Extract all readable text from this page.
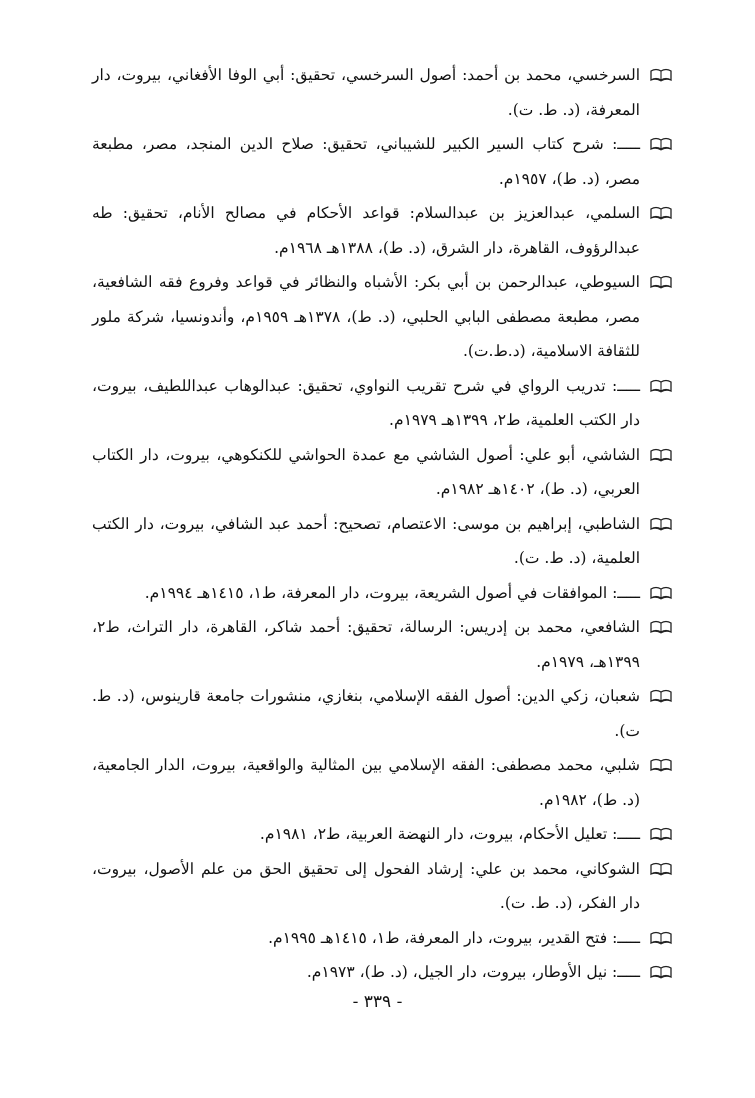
السرخسي، محمد بن أحمد: أصول السرخسي، تحقيق: أبي الوفا الأفغاني، بيروت، دار المعرفة، (د. ط. ت).

ـــــ: شرح كتاب السير الكبير للشيباني، تحقيق: صلاح الدين المنجد، مصر، مطبعة مصر، (د. ط)، ١٩٥٧م.

السلمي، عبدالعزيز بن عبدالسلام: قواعد الأحكام في مصالح الأنام، تحقيق: طه عبدالرؤوف، القاهرة، دار الشرق، (د. ط)، ١٣٨٨هـ ١٩٦٨م.

السيوطي، عبدالرحمن بن أبي بكر: الأشباه والنظائر في قواعد وفروع فقه الشافعية، مصر، مطبعة مصطفى البابي الحلبي، (د. ط)، ١٣٧٨هـ ١٩٥٩م، وأندونسيا، شركة ملور للثقافة الاسلامية، (د.ط.ت).

ـــــ: تدريب الرواي في شرح تقريب النواوي، تحقيق: عبدالوهاب عبداللطيف، بيروت، دار الكتب العلمية، ط٢، ١٣٩٩هـ ١٩٧٩م.

الشاشي، أبو علي: أصول الشاشي مع عمدة الحواشي للكنكوهي، بيروت، دار الكتاب العربي، (د. ط)، ١٤٠٢هـ ١٩٨٢م.

الشاطبي، إبراهيم بن موسى: الاعتصام، تصحيح: أحمد عبد الشافي، بيروت، دار الكتب العلمية، (د. ط. ت).

ـــــ: الموافقات في أصول الشريعة، بيروت، دار المعرفة، ط١، ١٤١٥هـ ١٩٩٤م.

الشافعي، محمد بن إدريس: الرسالة، تحقيق: أحمد شاكر، القاهرة، دار التراث، ط٢، ١٣٩٩هـ، ١٩٧٩م.

شعبان، زكي الدين: أصول الفقه الإسلامي، بنغازي، منشورات جامعة قارينوس، (د. ط. ت).

شلبي، محمد مصطفى: الفقه الإسلامي بين المثالية والواقعية، بيروت، الدار الجامعية، (د. ط)، ١٩٨٢م.

ـــــ: تعليل الأحكام، بيروت، دار النهضة العربية، ط٢، ١٩٨١م.

الشوكاني، محمد بن علي: إرشاد الفحول إلى تحقيق الحق من علم الأصول، بيروت، دار الفكر، (د. ط. ت).

ـــــ: فتح القدير، بيروت، دار المعرفة، ط١، ١٤١٥هـ ١٩٩٥م.

ـــــ: نيل الأوطار، بيروت، دار الجيل، (د. ط)، ١٩٧٣م.

- ٣٣٩ -
